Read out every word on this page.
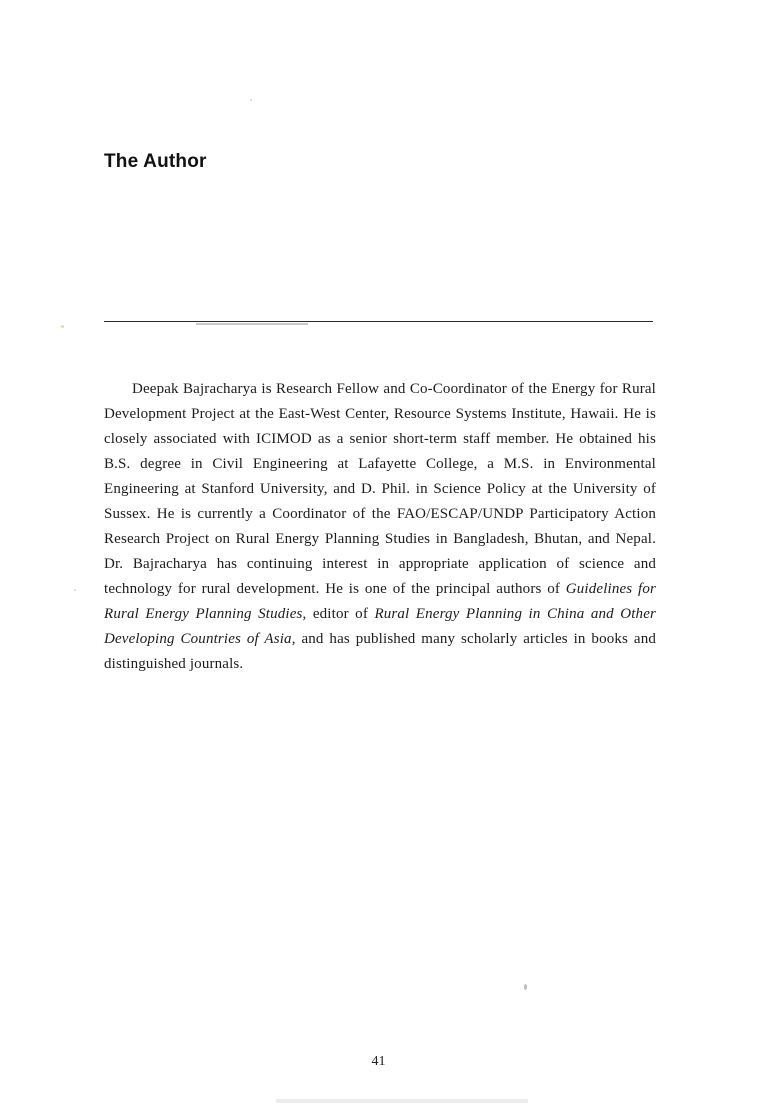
The Author

Deepak Bajracharya is Research Fellow and Co-Coordinator of the Energy for Rural Development Project at the East-West Center, Resource Systems Institute, Hawaii. He is closely associated with ICIMOD as a senior short-term staff member. He obtained his B.S. degree in Civil Engineering at Lafayette College, a M.S. in Environmental Engineering at Stanford University, and D. Phil. in Science Policy at the University of Sussex. He is currently a Coordinator of the FAO/ESCAP/UNDP Participatory Action Research Project on Rural Energy Planning Studies in Bangladesh, Bhutan, and Nepal. Dr. Bajracharya has continuing interest in appropriate application of science and technology for rural development. He is one of the principal authors of Guidelines for Rural Energy Planning Studies, editor of Rural Energy Planning in China and Other Developing Countries of Asia, and has published many scholarly articles in books and distinguished journals.

41
